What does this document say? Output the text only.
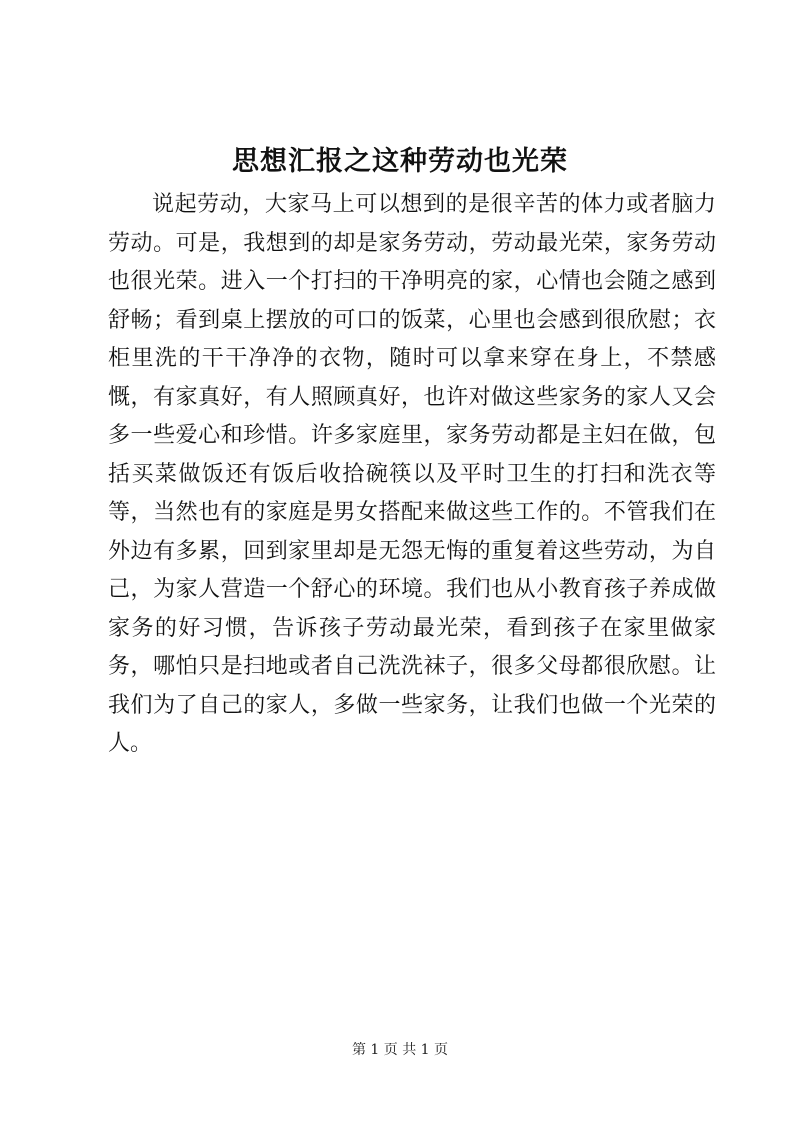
思想汇报之这种劳动也光荣

说起劳动，大家马上可以想到的是很辛苦的体力或者脑力劳动。可是，我想到的却是家务劳动，劳动最光荣，家务劳动也很光荣。进入一个打扫的干净明亮的家，心情也会随之感到舒畅；看到桌上摆放的可口的饭菜，心里也会感到很欣慰；衣柜里洗的干干净净的衣物，随时可以拿来穿在身上，不禁感慨，有家真好，有人照顾真好，也许对做这些家务的家人又会多一些爱心和珍惜。许多家庭里，家务劳动都是主妇在做，包括买菜做饭还有饭后收拾碗筷以及平时卫生的打扫和洗衣等等，当然也有的家庭是男女搭配来做这些工作的。不管我们在外边有多累，回到家里却是无怨无悔的重复着这些劳动，为自己，为家人营造一个舒心的环境。我们也从小教育孩子养成做家务的好习惯，告诉孩子劳动最光荣，看到孩子在家里做家务，哪怕只是扫地或者自己洗洗袜子，很多父母都很欣慰。让我们为了自己的家人，多做一些家务，让我们也做一个光荣的人。

第 1 页 共 1 页
